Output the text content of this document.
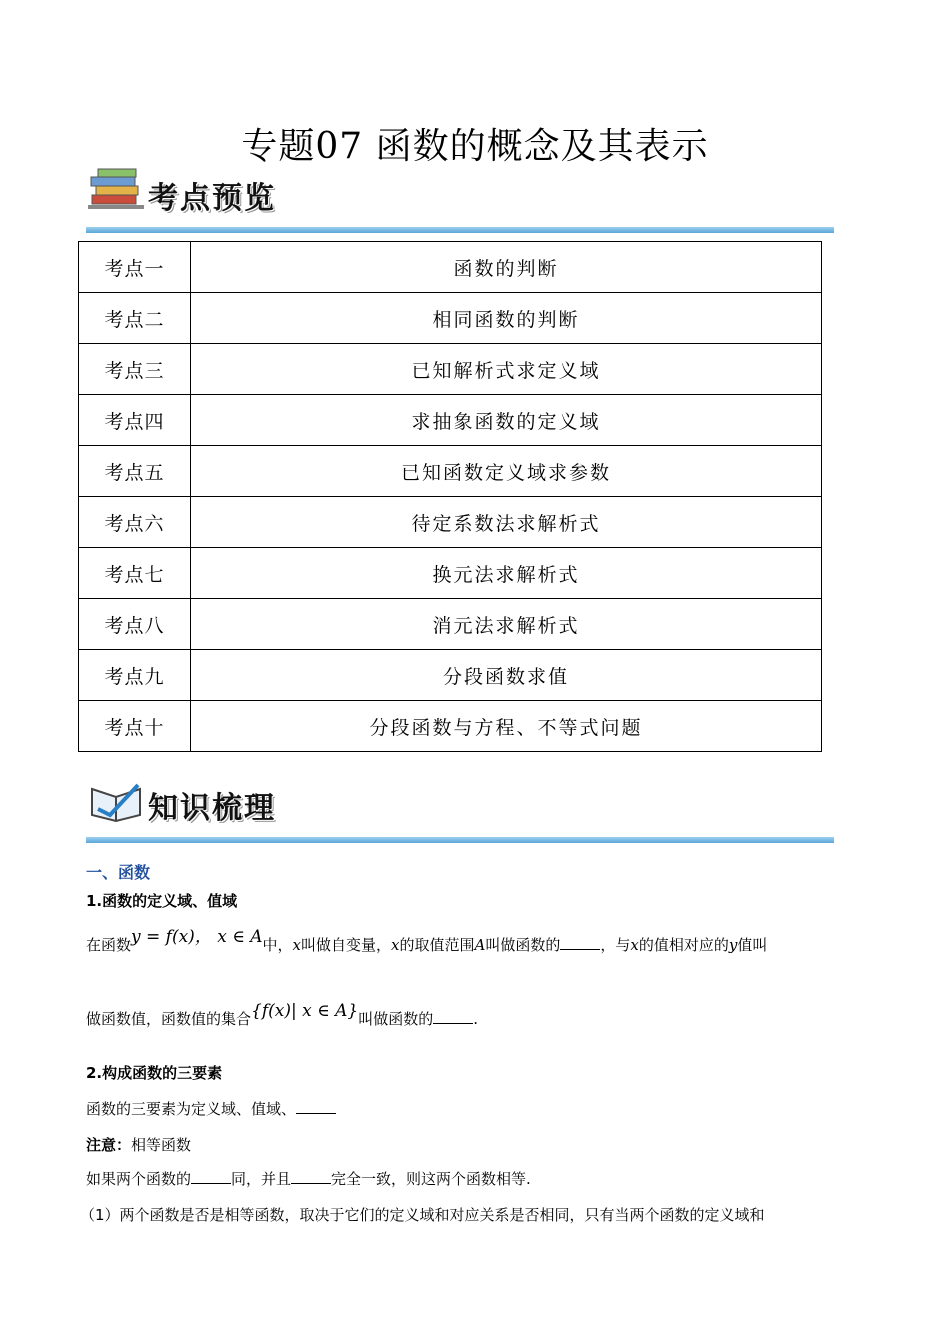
专题07 函数的概念及其表示
考点预览
考点一	函数的判断
考点二	相同函数的判断
考点三	已知解析式求定义域
考点四	求抽象函数的定义域
考点五	已知函数定义域求参数
考点六	待定系数法求解析式
考点七	换元法求解析式
考点八	消元法求解析式
考点九	分段函数求值
考点十	分段函数与方程、不等式问题
知识梳理
一、函数
1.函数的定义域、值域
在函数y = f(x)， x ∈ A中，x叫做自变量，x的取值范围A叫做函数的	，与x的值相对应的y值叫
做函数值，函数值的集合{f(x)| x ∈ A}叫做函数的	.
2.构成函数的三要素
函数的三要素为定义域、值域、
注意：相等函数
如果两个函数的	同，并且	完全一致，则这两个函数相等.
（1）两个函数是否是相等函数，取决于它们的定义域和对应关系是否相同，只有当两个函数的定义域和
